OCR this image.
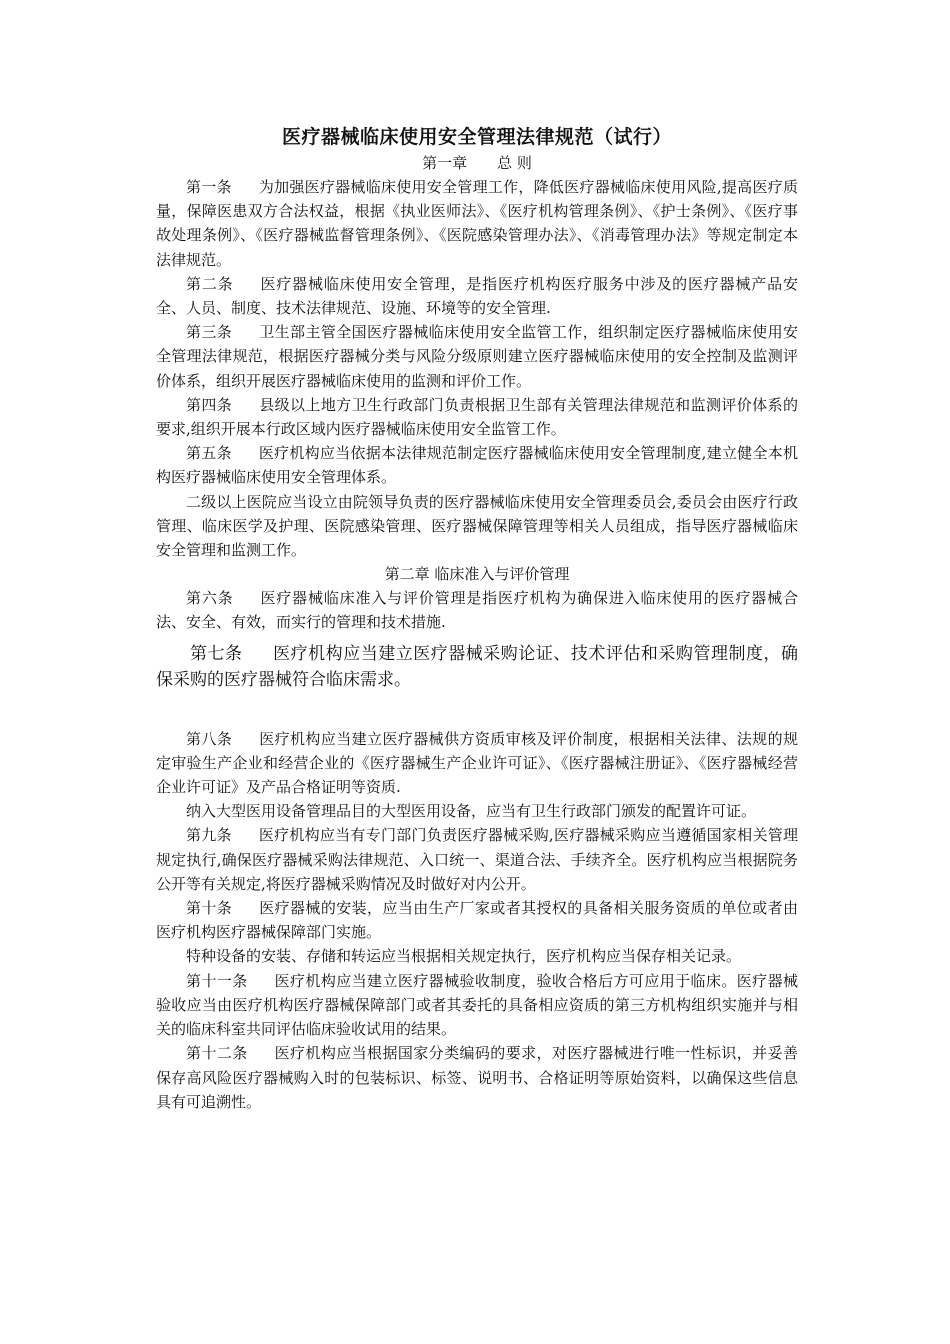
医疗器械临床使用安全管理法律规范（试行）
第一章　　总 则

第一条 为加强医疗器械临床使用安全管理工作，降低医疗器械临床使用风险,提高医疗质量，保障医患双方合法权益，根据《执业医师法》、《医疗机构管理条例》、《护士条例》、《医疗事故处理条例》、《医疗器械监督管理条例》、《医院感染管理办法》、《消毒管理办法》等规定制定本法律规范。

第二条 医疗器械临床使用安全管理，是指医疗机构医疗服务中涉及的医疗器械产品安全、人员、制度、技术法律规范、设施、环境等的安全管理.

第三条 卫生部主管全国医疗器械临床使用安全监管工作，组织制定医疗器械临床使用安全管理法律规范，根据医疗器械分类与风险分级原则建立医疗器械临床使用的安全控制及监测评价体系，组织开展医疗器械临床使用的监测和评价工作。

第四条 县级以上地方卫生行政部门负责根据卫生部有关管理法律规范和监测评价体系的要求,组织开展本行政区域内医疗器械临床使用安全监管工作。

第五条 医疗机构应当依据本法律规范制定医疗器械临床使用安全管理制度,建立健全本机构医疗器械临床使用安全管理体系。

二级以上医院应当设立由院领导负责的医疗器械临床使用安全管理委员会,委员会由医疗行政管理、临床医学及护理、医院感染管理、医疗器械保障管理等相关人员组成，指导医疗器械临床安全管理和监测工作。

第二章 临床准入与评价管理

第六条 医疗器械临床准入与评价管理是指医疗机构为确保进入临床使用的医疗器械合法、安全、有效，而实行的管理和技术措施.

第七条 医疗机构应当建立医疗器械采购论证、技术评估和采购管理制度，确保采购的医疗器械符合临床需求。

第八条 医疗机构应当建立医疗器械供方资质审核及评价制度，根据相关法律、法规的规定审验生产企业和经营企业的《医疗器械生产企业许可证》、《医疗器械注册证》、《医疗器械经营企业许可证》及产品合格证明等资质.

纳入大型医用设备管理品目的大型医用设备，应当有卫生行政部门颁发的配置许可证。

第九条 医疗机构应当有专门部门负责医疗器械采购,医疗器械采购应当遵循国家相关管理规定执行,确保医疗器械采购法律规范、入口统一、渠道合法、手续齐全。医疗机构应当根据院务公开等有关规定,将医疗器械采购情况及时做好对内公开。

第十条 医疗器械的安装，应当由生产厂家或者其授权的具备相关服务资质的单位或者由医疗机构医疗器械保障部门实施。

特种设备的安装、存储和转运应当根据相关规定执行，医疗机构应当保存相关记录。

第十一条 医疗机构应当建立医疗器械验收制度，验收合格后方可应用于临床。医疗器械验收应当由医疗机构医疗器械保障部门或者其委托的具备相应资质的第三方机构组织实施并与相关的临床科室共同评估临床验收试用的结果。

第十二条 医疗机构应当根据国家分类编码的要求，对医疗器械进行唯一性标识，并妥善保存高风险医疗器械购入时的包装标识、标签、说明书、合格证明等原始资料，以确保这些信息具有可追溯性。
